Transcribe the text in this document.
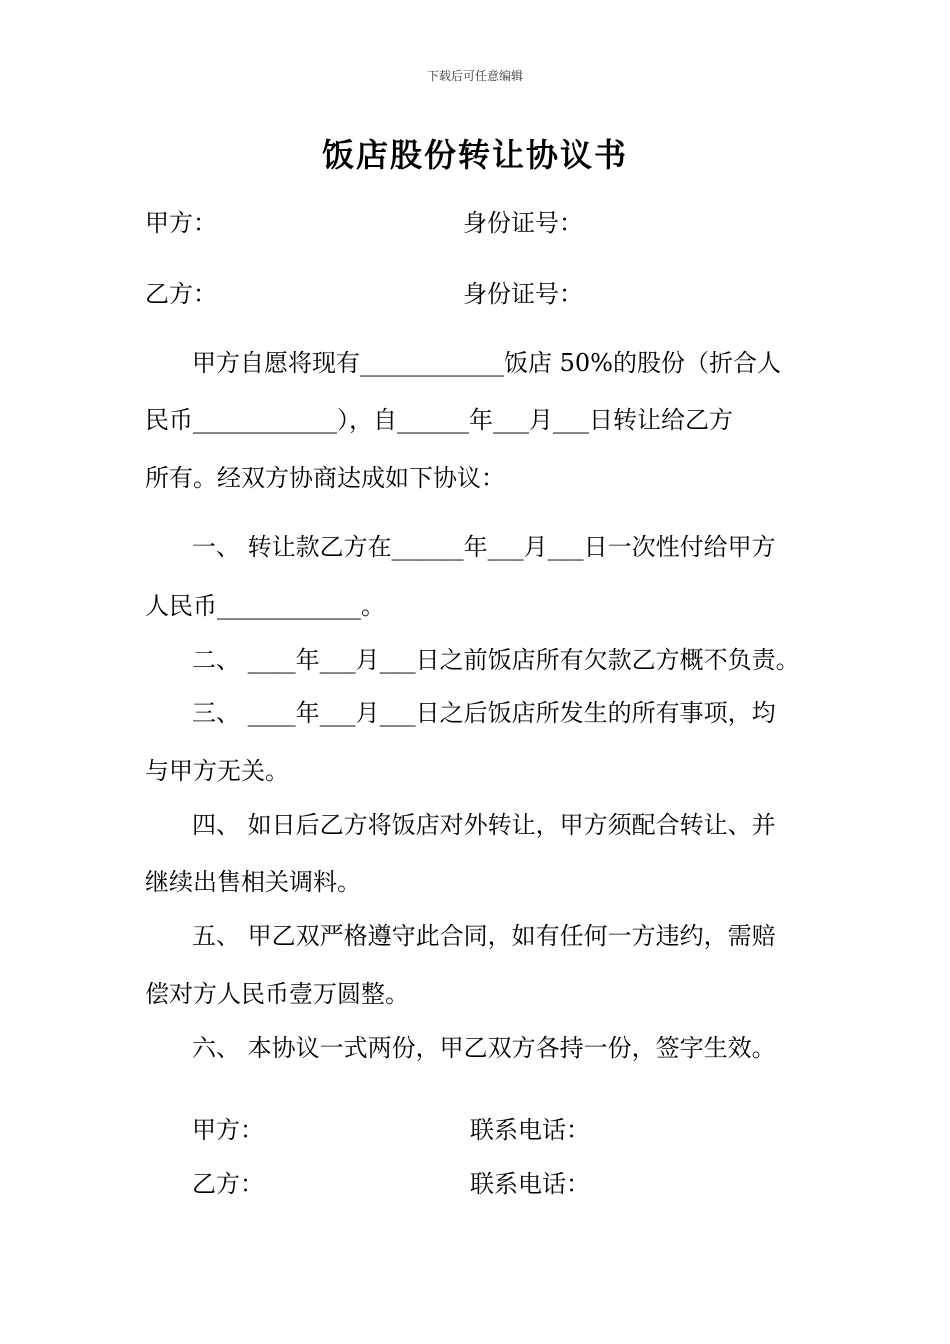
下载后可任意编辑
饭店股份转让协议书
甲方：	身份证号：
乙方：	身份证号：
甲方自愿将现有____________饭店 50%的股份（折合人
民币____________），自______年___月___日转让给乙方
所有。经双方协商达成如下协议：
一、 转让款乙方在______年___月___日一次性付给甲方
人民币____________。
二、 ____年___月___日之前饭店所有欠款乙方概不负责。
三、 ____年___月___日之后饭店所发生的所有事项，均
与甲方无关。
四、 如日后乙方将饭店对外转让，甲方须配合转让、并
继续出售相关调料。
五、 甲乙双严格遵守此合同，如有任何一方违约，需赔
偿对方人民币壹万圆整。
六、 本协议一式两份，甲乙双方各持一份，签字生效。
甲方：	联系电话：
乙方：	联系电话：
